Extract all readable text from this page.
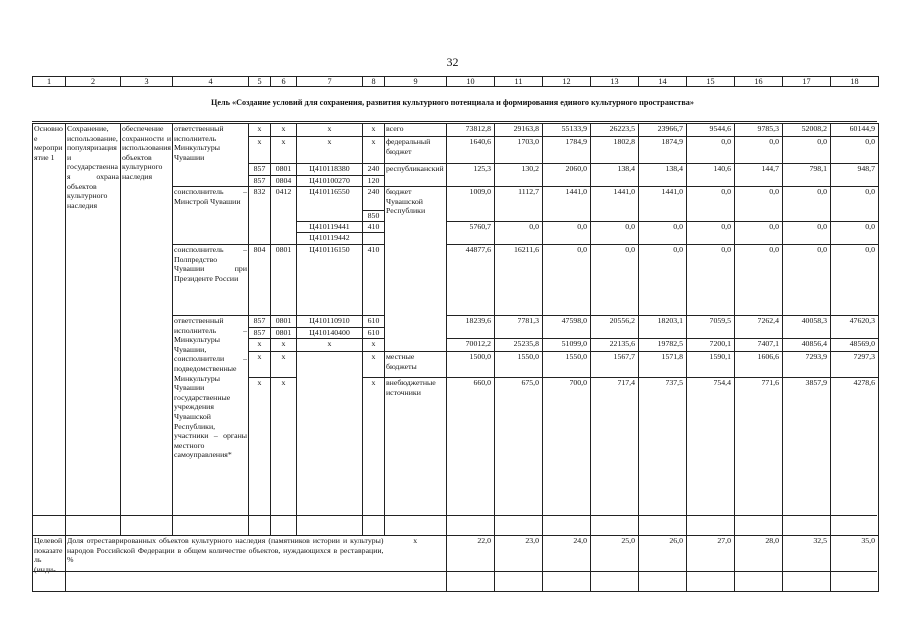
32
1	2	3	4	5	6	7	8	9	10	11	12	13	14	15	16	17	18
Цель «Создание условий для сохранения, развития культурного потенциала и формирования единого культурного пространства»
Основное мероприятие 1	Сохранение, использование, популяризация и государственная охрана объектов культурного наследия	обеспечение сохранности и использования объектов культурного наследия	ответственный исполнитель Минкультуры Чувашии	x	x	x	x	всего	73812,8	29163,8	55133,9	26223,5	23966,7	9544,6	9785,3	52008,2	60144,9
				x	x	x	x	федеральный бюджет	1640,6	1703,0	1784,9	1802,8	1874,9	0,0	0,0	0,0	0,0
				857	0801	Ц410118380	240	республиканский	125,3	130,2	2060,0	138,4	138,4	140,6	144,7	798,1	948,7
				857	0804	Ц410100270	120										
			соисполнитель – Минстрой Чувашии	832	0412	Ц410116550	240	бюджет Чувашской Республики	1009,0	1112,7	1441,0	1441,0	1441,0	0,0	0,0	0,0	0,0
							850										
						Ц410119441	410		5760,7	0,0	0,0	0,0	0,0	0,0	0,0	0,0	0,0
						Ц410119442											
			соисполнитель – Полпредство Чувашии при Президенте России	804	0801	Ц410116150	410		44877,6	16211,6	0,0	0,0	0,0	0,0	0,0	0,0	0,0
			ответственный исполнитель – Минкультуры Чувашии, соисполнители – подведомственные Минкультуры Чувашии государственные учреждения Чувашской Республики, участники – органы местного самоуправления*	857	0801	Ц410110910	610		18239,6	7781,3	47598,0	20556,2	18203,1	7059,5	7262,4	40058,3	47620,3
				857	0801	Ц410140400	610										
				x	x	x	x		70012,2	25235,8	51099,0	22135,6	19782,5	7200,1	7407,1	40856,4	48569,0
				x	x		x	местные бюджеты	1500,0	1550,0	1550,0	1567,7	1571,8	1590,1	1606,6	7293,9	7297,3
				x	x		x	внебюджетные источники	660,0	675,0	700,0	717,4	737,5	754,4	771,6	3857,9	4278,6
Целевой показатель (инди-	Доля отреставрированных объектов культурного наследия (памятников истории и культуры) народов Российской Федерации в общем количестве объектов, нуждающихся в реставрации, %							x	22,0	23,0	24,0	25,0	26,0	27,0	28,0	32,5	35,0
